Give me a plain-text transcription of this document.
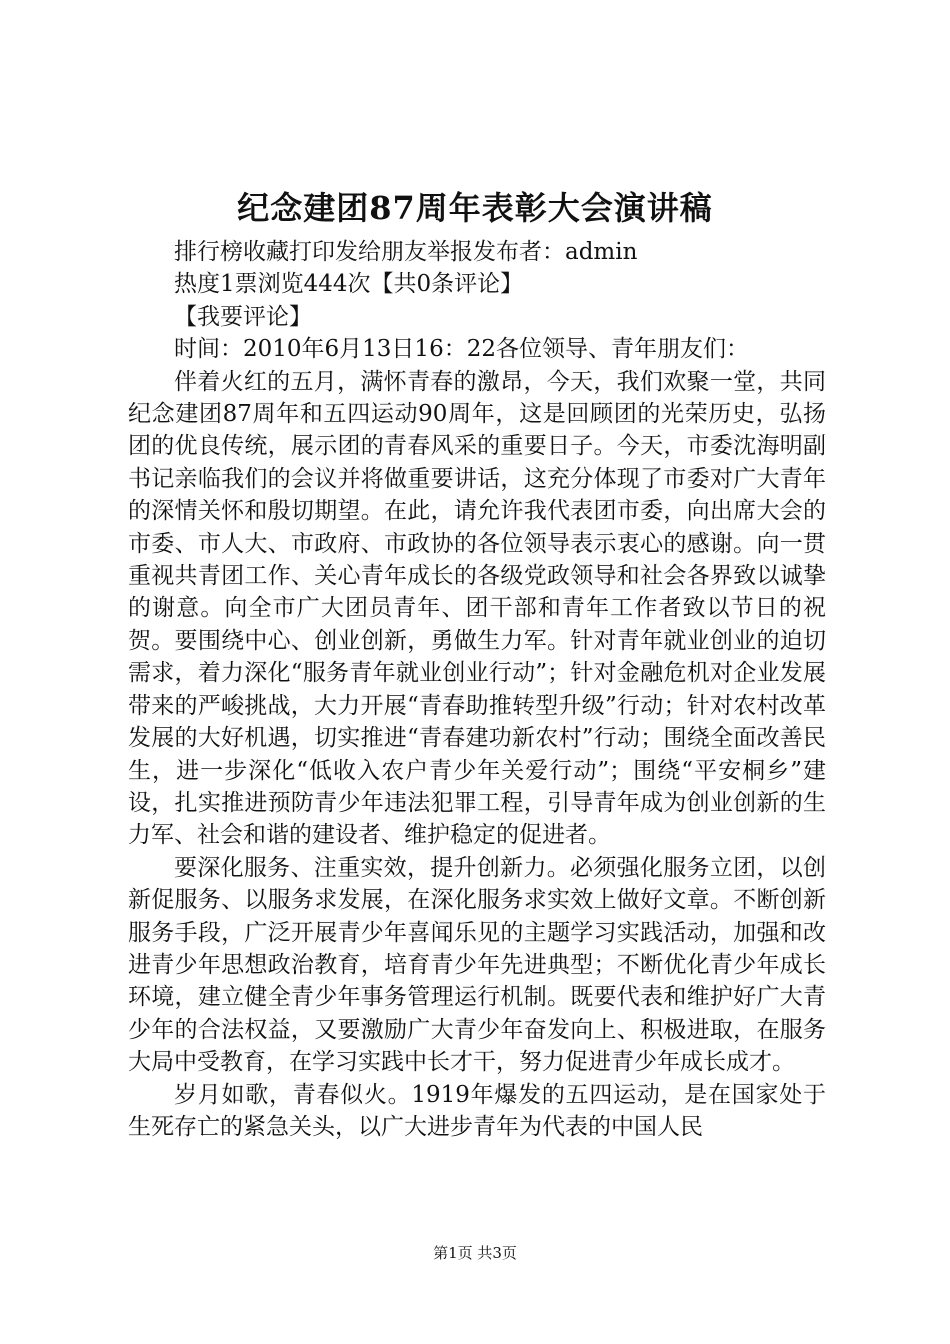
纪念建团87周年表彰大会演讲稿

排行榜收藏打印发给朋友举报发布者：admin

热度1票浏览444次【共0条评论】

【我要评论】

时间：2010年6月13日16：22各位领导、青年朋友们：

伴着火红的五月，满怀青春的激昂，今天，我们欢聚一堂，共同纪念建团87周年和五四运动90周年，这是回顾团的光荣历史，弘扬团的优良传统，展示团的青春风采的重要日子。今天，市委沈海明副书记亲临我们的会议并将做重要讲话，这充分体现了市委对广大青年的深情关怀和殷切期望。在此，请允许我代表团市委，向出席大会的市委、市人大、市政府、市政协的各位领导表示衷心的感谢。向一贯重视共青团工作、关心青年成长的各级党政领导和社会各界致以诚挚的谢意。向全市广大团员青年、团干部和青年工作者致以节日的祝贺。要围绕中心、创业创新，勇做生力军。针对青年就业创业的迫切需求，着力深化“服务青年就业创业行动”；针对金融危机对企业发展带来的严峻挑战，大力开展“青春助推转型升级”行动；针对农村改革发展的大好机遇，切实推进“青春建功新农村”行动；围绕全面改善民生，进一步深化“低收入农户青少年关爱行动”；围绕“平安桐乡”建设，扎实推进预防青少年违法犯罪工程，引导青年成为创业创新的生力军、社会和谐的建设者、维护稳定的促进者。

要深化服务、注重实效，提升创新力。必须强化服务立团，以创新促服务、以服务求发展，在深化服务求实效上做好文章。不断创新服务手段，广泛开展青少年喜闻乐见的主题学习实践活动，加强和改进青少年思想政治教育，培育青少年先进典型；不断优化青少年成长环境，建立健全青少年事务管理运行机制。既要代表和维护好广大青少年的合法权益，又要激励广大青少年奋发向上、积极进取，在服务大局中受教育，在学习实践中长才干，努力促进青少年成长成才。

岁月如歌，青春似火。1919年爆发的五四运动，是在国家处于生死存亡的紧急关头，以广大进步青年为代表的中国人民

第1页 共3页
